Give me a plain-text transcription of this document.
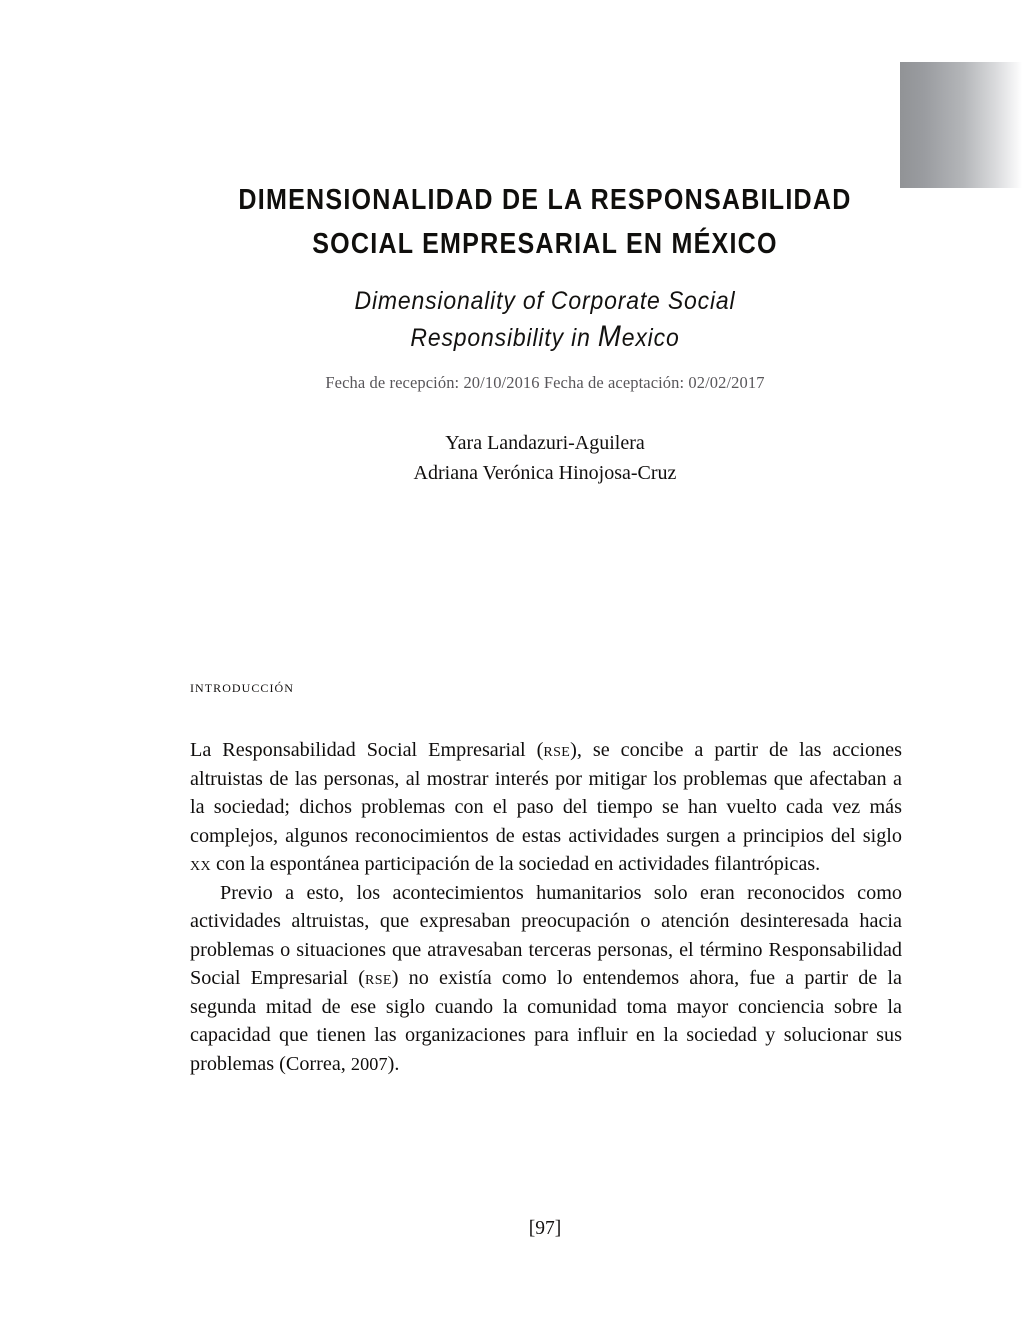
DIMENSIONALIDAD DE LA RESPONSABILIDAD
SOCIAL EMPRESARIAL EN MÉXICO
Dimensionality of Corporate Social
Responsibility in Mexico
Fecha de recepción: 20/10/2016 Fecha de aceptación: 02/02/2017
Yara Landazuri-Aguilera
Adriana Verónica Hinojosa-Cruz
introducción

La Responsabilidad Social Empresarial (rse), se concibe a partir de las acciones altruistas de las personas, al mostrar interés por mitigar los problemas que afectaban a la sociedad; dichos problemas con el paso del tiempo se han vuelto cada vez más complejos, algunos reconocimientos de estas actividades surgen a principios del siglo xx con la espontánea participación de la sociedad en actividades filantrópicas.

Previo a esto, los acontecimientos humanitarios solo eran reconocidos como actividades altruistas, que expresaban preocupación o atención desinteresada hacia problemas o situaciones que atravesaban terceras personas, el término Responsabilidad Social Empresarial (rse) no existía como lo entendemos ahora, fue a partir de la segunda mitad de ese siglo cuando la comunidad toma mayor conciencia sobre la capacidad que tienen las organizaciones para influir en la sociedad y solucionar sus problemas (Correa, 2007).

[97]
